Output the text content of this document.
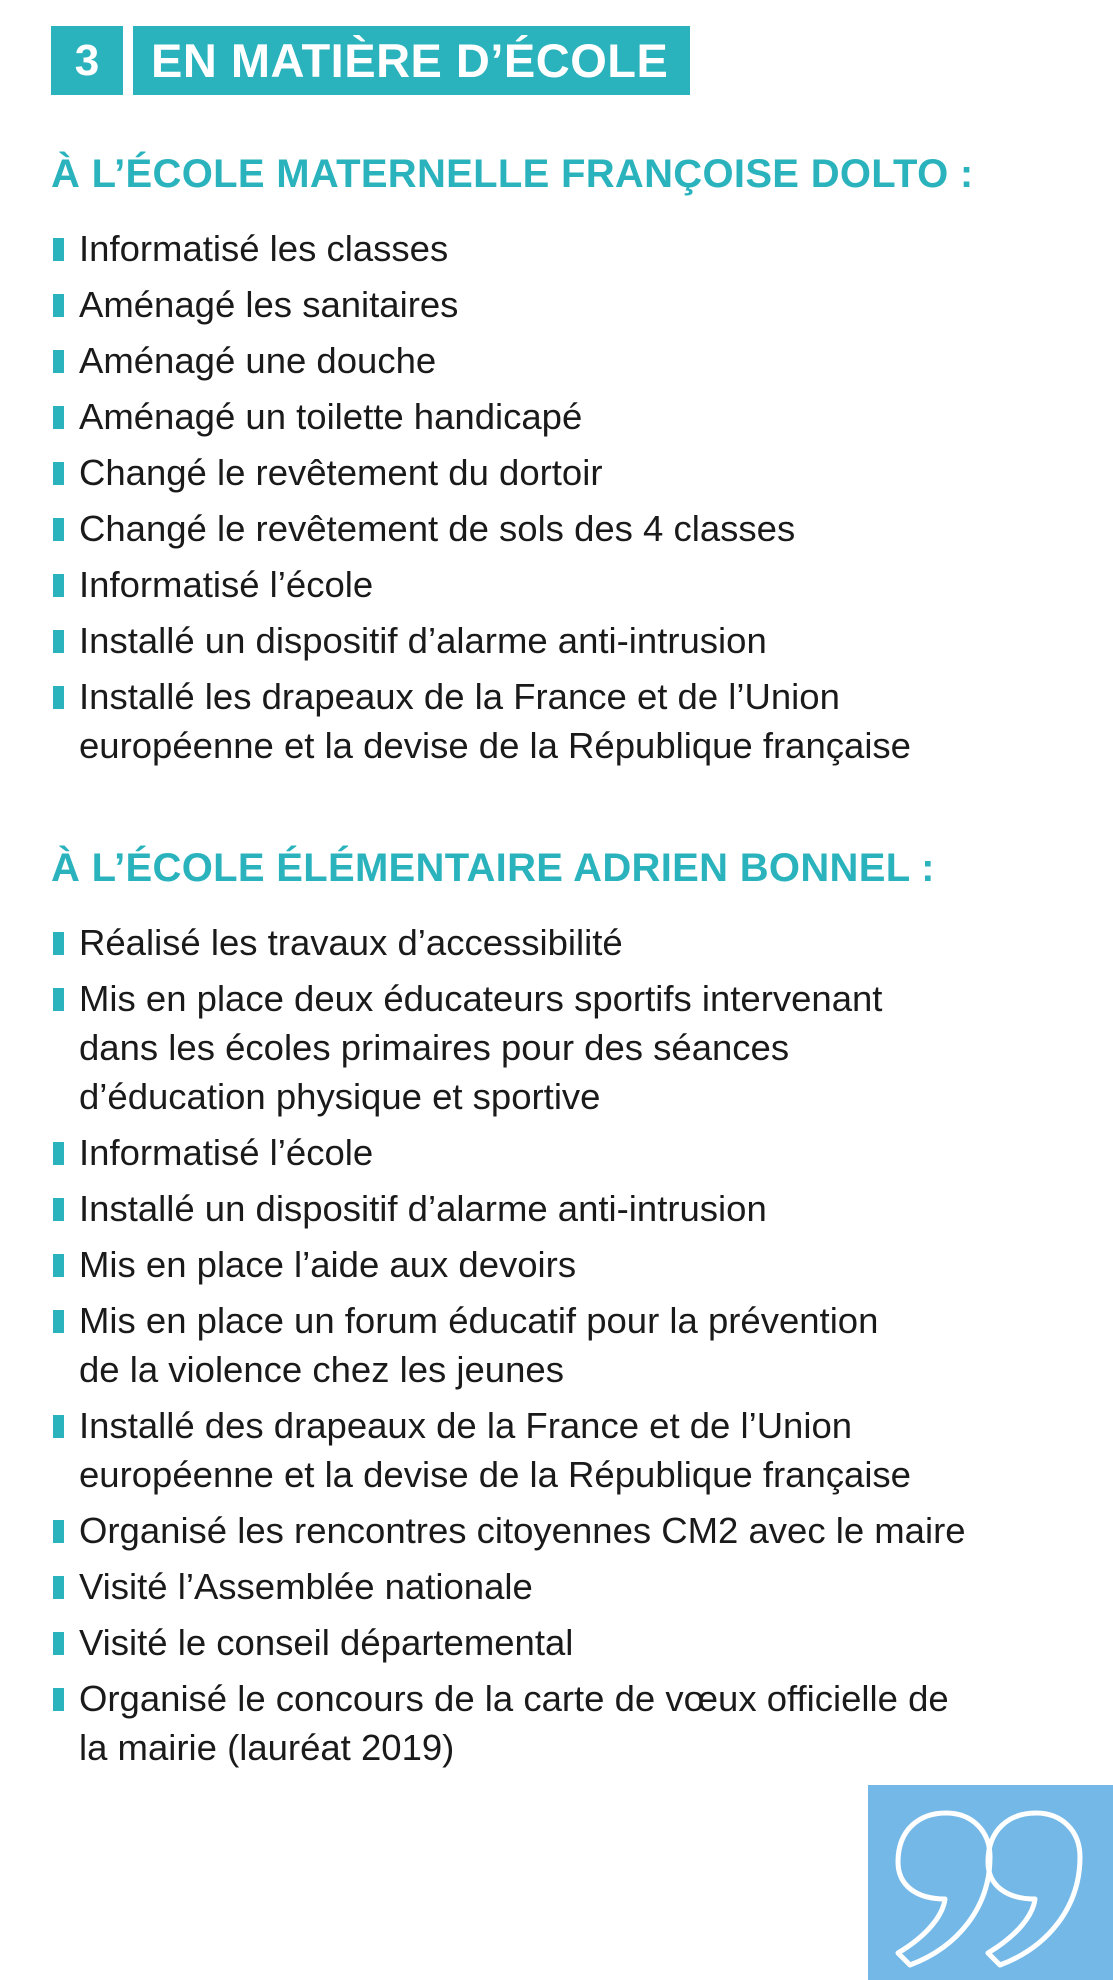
3	EN MATIÈRE D’ÉCOLE
À L’ÉCOLE MATERNELLE FRANÇOISE DOLTO :
Informatisé les classes
Aménagé les sanitaires
Aménagé une douche
Aménagé un toilette handicapé
Changé le revêtement du dortoir
Changé le revêtement de sols des 4 classes
Informatisé l’école
Installé un dispositif d’alarme anti-intrusion
Installé les drapeaux de la France et de l’Union
européenne et la devise de la République française
À L’ÉCOLE ÉLÉMENTAIRE ADRIEN BONNEL :
Réalisé les travaux d’accessibilité
Mis en place deux éducateurs sportifs intervenant
dans les écoles primaires pour des séances
d’éducation physique et sportive
Informatisé l’école
Installé un dispositif d’alarme anti-intrusion
Mis en place l’aide aux devoirs
Mis en place un forum éducatif pour la prévention
de la violence chez les jeunes
Installé des drapeaux de la France et de l’Union
européenne et la devise de la République française
Organisé les rencontres citoyennes CM2 avec le maire
Visité l’Assemblée nationale
Visité le conseil départemental
Organisé le concours de la carte de vœux officielle de
la mairie (lauréat 2019)
